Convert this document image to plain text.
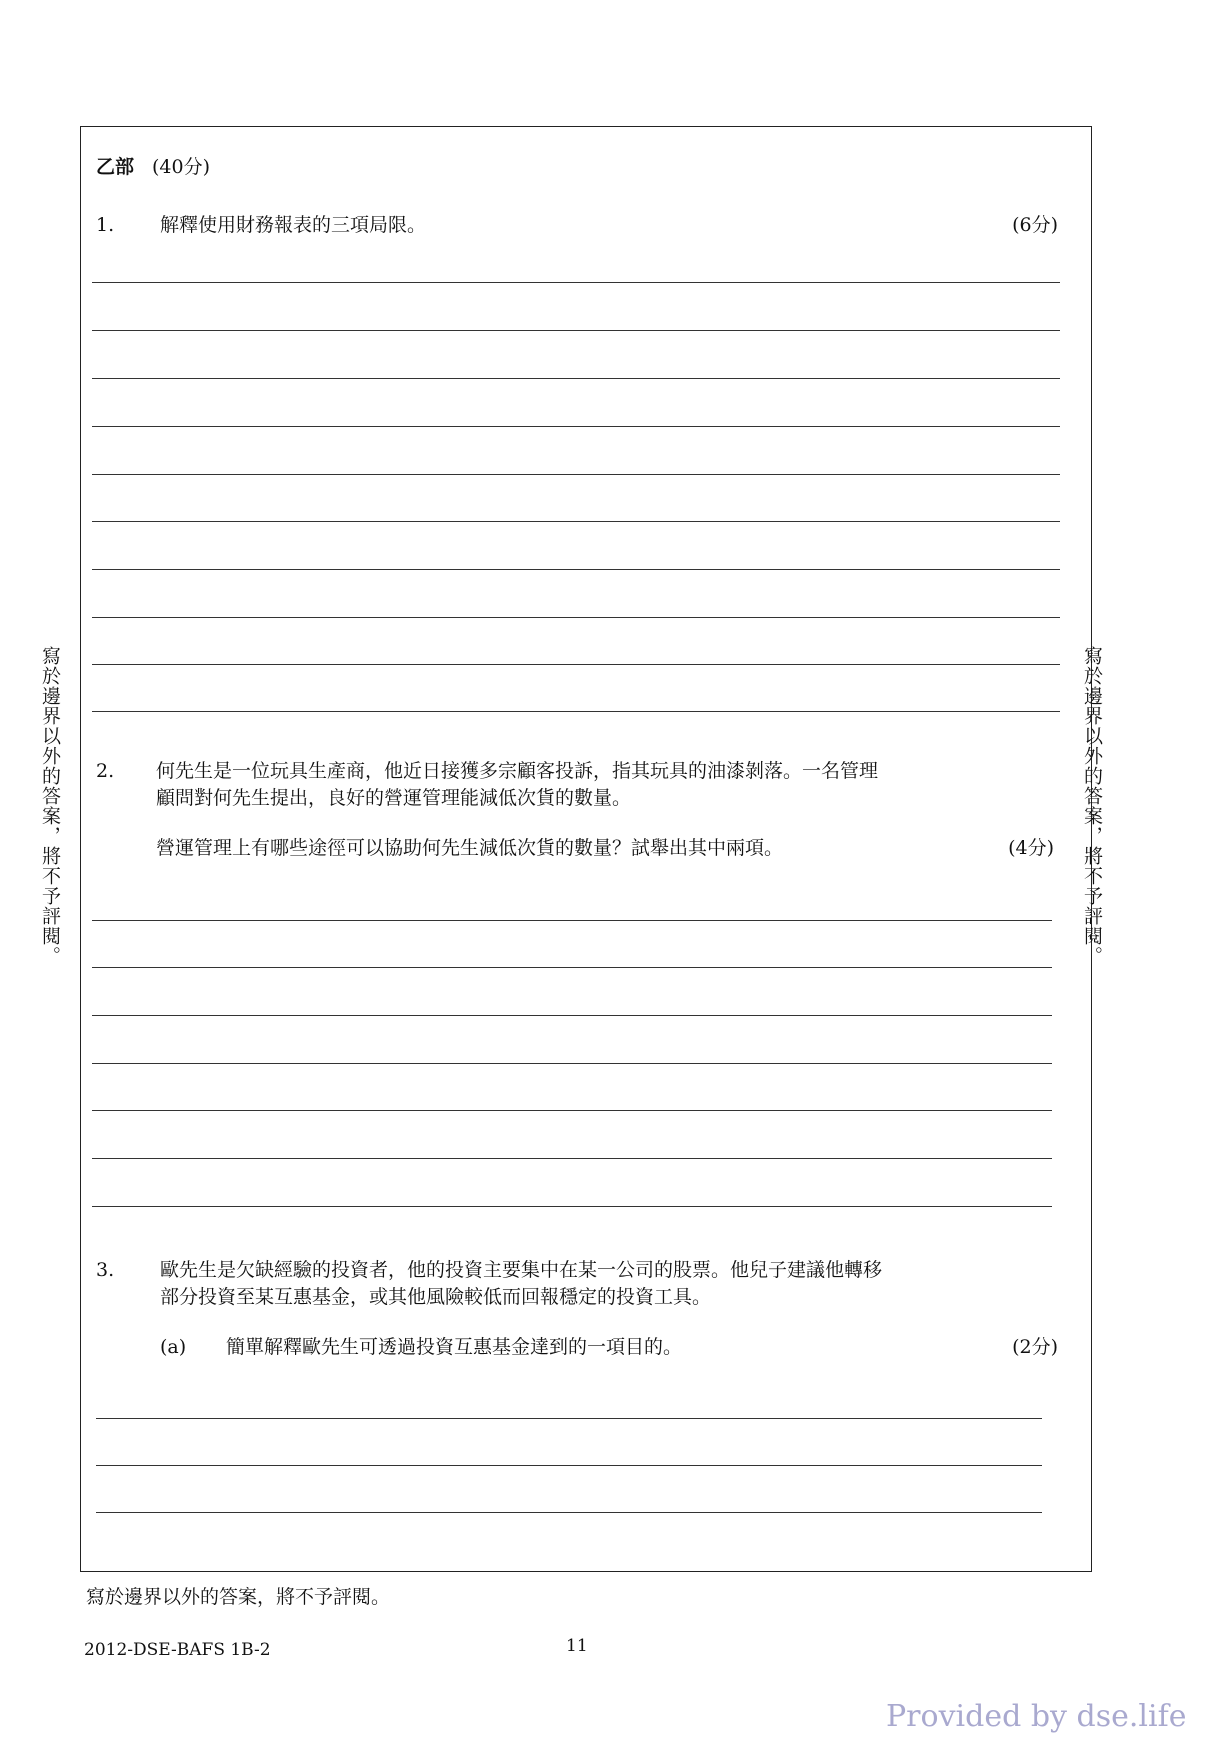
寫於邊界以外的答案，將不予評閱。	寫於邊界以外的答案，將不予評閱。
乙部 (40分)
1. 解釋使用財務報表的三項局限。	(6分)
2. 何先生是一位玩具生產商，他近日接獲多宗顧客投訴，指其玩具的油漆剝落。一名管理
顧問對何先生提出，良好的營運管理能減低次貨的數量。
營運管理上有哪些途徑可以協助何先生減低次貨的數量？試舉出其中兩項。	(4分)
3. 歐先生是欠缺經驗的投資者，他的投資主要集中在某一公司的股票。他兒子建議他轉移
部分投資至某互惠基金，或其他風險較低而回報穩定的投資工具。
(a) 簡單解釋歐先生可透過投資互惠基金達到的一項目的。	(2分)
寫於邊界以外的答案，將不予評閱。
2012-DSE-BAFS 1B-2	11
Provided by dse.life
